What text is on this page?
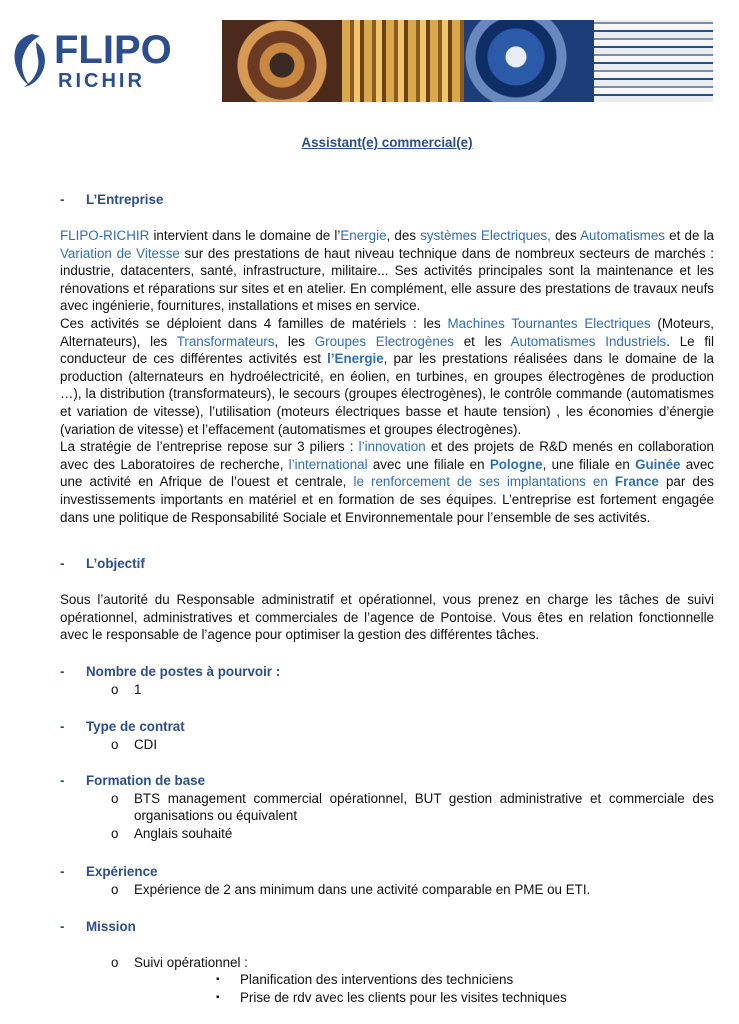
FLIPO
RICHIR
Assistant(e) commercial(e)
- L’Entreprise

FLIPO-RICHIR intervient dans le domaine de l’Energie, des systèmes Electriques, des Automatismes et de la Variation de Vitesse sur des prestations de haut niveau technique dans de nombreux secteurs de marchés : industrie, datacenters, santé, infrastructure, militaire... Ses activités principales sont la maintenance et les rénovations et réparations sur sites et en atelier. En complément, elle assure des prestations de travaux neufs avec ingénierie, fournitures, installations et mises en service.

Ces activités se déploient dans 4 familles de matériels : les Machines Tournantes Electriques (Moteurs, Alternateurs), les Transformateurs, les Groupes Electrogènes et les Automatismes Industriels. Le fil conducteur de ces différentes activités est l’Energie, par les prestations réalisées dans le domaine de la production (alternateurs en hydroélectricité, en éolien, en turbines, en groupes électrogènes de production …), la distribution (transformateurs), le secours (groupes électrogènes), le contrôle commande (automatismes et variation de vitesse), l’utilisation (moteurs électriques basse et haute tension) , les économies d’énergie (variation de vitesse) et l’effacement (automatismes et groupes électrogènes).

La stratégie de l’entreprise repose sur 3 piliers : l’innovation et des projets de R&D menés en collaboration avec des Laboratoires de recherche, l’international avec une filiale en Pologne, une filiale en Guinée avec une activité en Afrique de l’ouest et centrale, le renforcement de ses implantations en France par des investissements importants en matériel et en formation de ses équipes. L’entreprise est fortement engagée dans une politique de Responsabilité Sociale et Environnementale pour l’ensemble de ses activités.

- L’objectif

Sous l’autorité du Responsable administratif et opérationnel, vous prenez en charge les tâches de suivi opérationnel, administratives et commerciales de l’agence de Pontoise. Vous êtes en relation fonctionnelle avec le responsable de l’agence pour optimiser la gestion des différentes tâches.

- Nombre de postes à pourvoir :
o 1
- Type de contrat
o CDI
- Formation de base
o BTS management commercial opérationnel, BUT gestion administrative et commerciale des organisations ou équivalent
o Anglais souhaité
- Expérience
o Expérience de 2 ans minimum dans une activité comparable en PME ou ETI.
- Mission
o Suivi opérationnel :
▪ Planification des interventions des techniciens
▪ Prise de rdv avec les clients pour les visites techniques
